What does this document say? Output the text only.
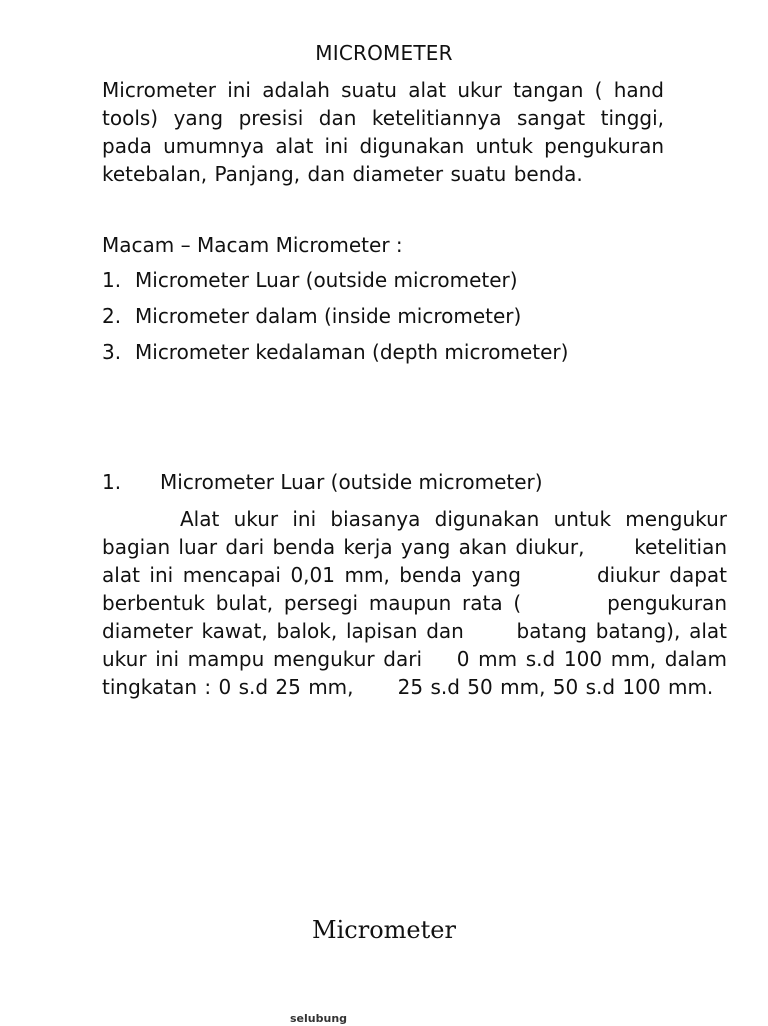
MICROMETER

Micrometer ini adalah suatu alat ukur tangan ( hand tools) yang presisi dan ketelitiannya sangat tinggi, pada umumnya alat ini digunakan untuk pengukuran ketebalan, Panjang, dan diameter suatu benda.

Macam – Macam Micrometer :
1. Micrometer Luar (outside micrometer)
2. Micrometer dalam (inside micrometer)
3. Micrometer kedalaman (depth micrometer)
1. Micrometer Luar (outside micrometer)

Alat ukur ini biasanya digunakan untuk mengukur  bagian luar dari benda kerja yang akan diukur,      ketelitian alat ini mencapai 0,01 mm, benda yang        diukur dapat berbentuk bulat, persegi maupun rata (        pengukuran diameter kawat, balok, lapisan dan      batang batang), alat ukur ini mampu mengukur dari    0 mm s.d 100 mm, dalam tingkatan : 0 s.d 25 mm,      25 s.d 50 mm, 50 s.d 100 mm.

Micrometer
selubung
